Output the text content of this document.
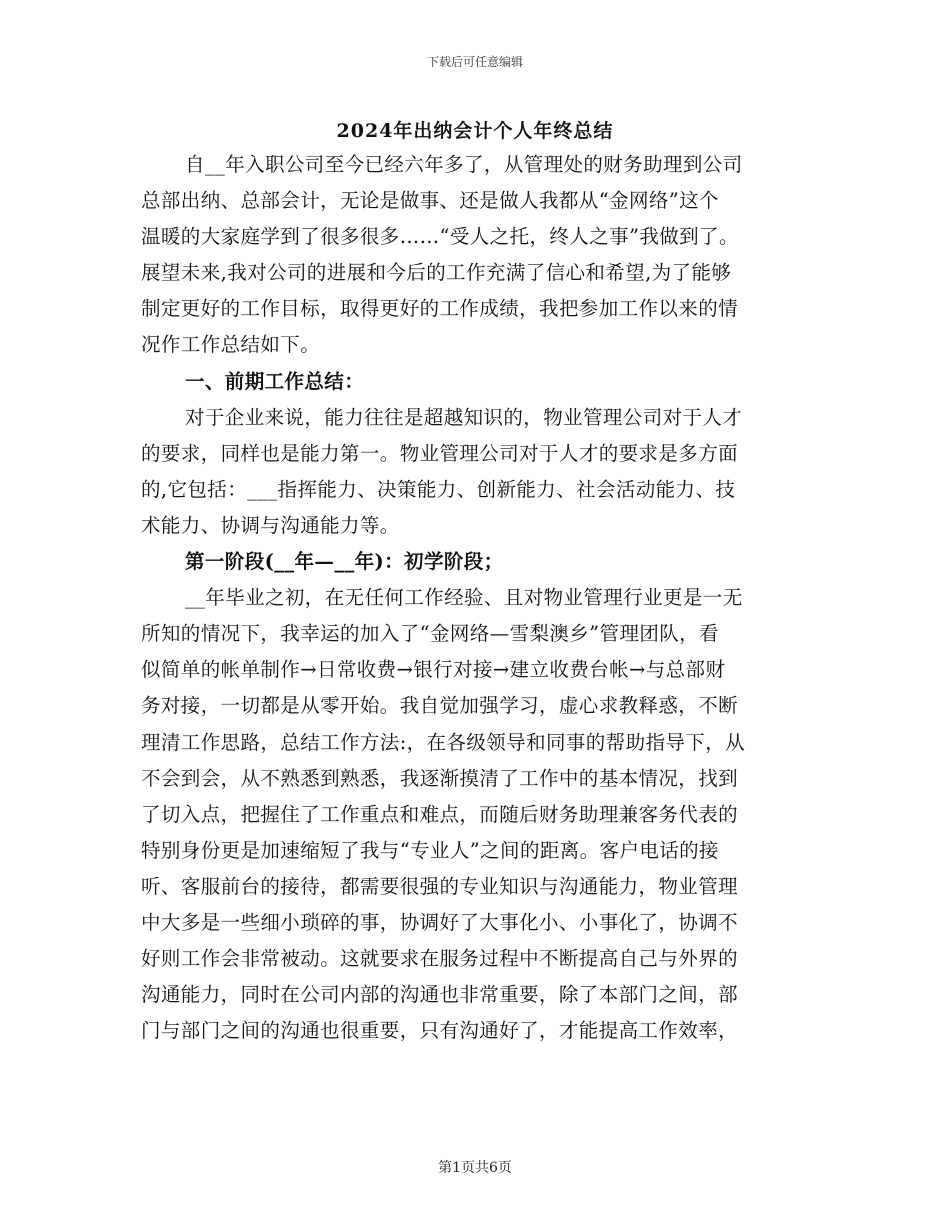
下载后可任意编辑
2024年出纳会计个人年终总结
自__年入职公司至今已经六年多了，从管理处的财务助理到公司
总部出纳、总部会计，无论是做事、还是做人我都从“金网络”这个
温暖的大家庭学到了很多很多……“受人之托，终人之事”我做到了。
展望未来,我对公司的进展和今后的工作充满了信心和希望,为了能够
制定更好的工作目标，取得更好的工作成绩，我把参加工作以来的情
况作工作总结如下。
一、前期工作总结：
对于企业来说，能力往往是超越知识的，物业管理公司对于人才
的要求，同样也是能力第一。物业管理公司对于人才的要求是多方面
的,它包括：___指挥能力、决策能力、创新能力、社会活动能力、技
术能力、协调与沟通能力等。
第一阶段(__年—__年)：初学阶段；
__年毕业之初，在无任何工作经验、且对物业管理行业更是一无
所知的情况下，我幸运的加入了“金网络—雪梨澳乡”管理团队，看
似简单的帐单制作→日常收费→银行对接→建立收费台帐→与总部财
务对接，一切都是从零开始。我自觉加强学习，虚心求教释惑，不断
理清工作思路，总结工作方法:，在各级领导和同事的帮助指导下，从
不会到会，从不熟悉到熟悉，我逐渐摸清了工作中的基本情况，找到
了切入点，把握住了工作重点和难点，而随后财务助理兼客务代表的
特别身份更是加速缩短了我与“专业人”之间的距离。客户电话的接
听、客服前台的接待，都需要很强的专业知识与沟通能力，物业管理
中大多是一些细小琐碎的事，协调好了大事化小、小事化了，协调不
好则工作会非常被动。这就要求在服务过程中不断提高自己与外界的
沟通能力，同时在公司内部的沟通也非常重要，除了本部门之间，部
门与部门之间的沟通也很重要，只有沟通好了，才能提高工作效率，
第1页共6页
